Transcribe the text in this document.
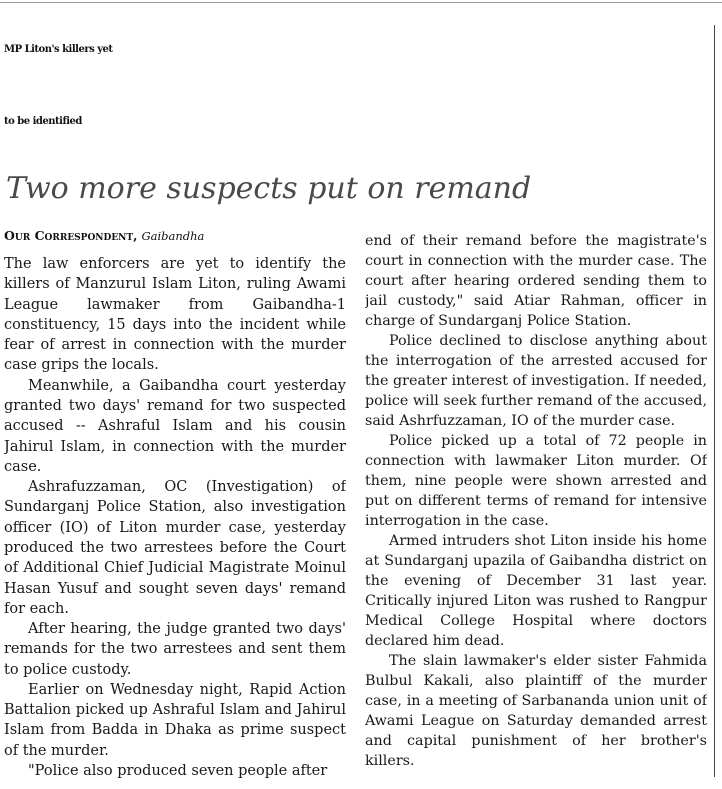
MP Liton's killers yet
to be identified
Two more suspects put on remand

Our Correspondent, Gaibandha

The law enforcers are yet to identify the killers of Manzurul Islam Liton, ruling Awami League lawmaker from Gaibandha-1 constituency, 15 days into the incident while fear of arrest in connection with the murder case grips the locals.

Meanwhile, a Gaibandha court yesterday granted two days' remand for two suspected accused -- Ashraful Islam and his cousin Jahirul Islam, in connection with the murder case.

Ashrafuzzaman, OC (Investigation) of Sundarganj Police Station, also investigation officer (IO) of Liton murder case, yesterday produced the two arrestees before the Court of Additional Chief Judicial Magistrate Moinul Hasan Yusuf and sought seven days' remand for each.

After hearing, the judge granted two days' remands for the two arrestees and sent them to police custody.

Earlier on Wednesday night, Rapid Action Battalion picked up Ashraful Islam and Jahirul Islam from Badda in Dhaka as prime suspect of the murder.

"Police also produced seven people after

end of their remand before the magistrate's court in connection with the murder case. The court after hearing ordered sending them to jail custody," said Atiar Rahman, officer in charge of Sundarganj Police Station.

Police declined to disclose anything about the interrogation of the arrested accused for the greater interest of investigation. If needed, police will seek further remand of the accused, said Ashrfuzzaman, IO of the murder case.

Police picked up a total of 72 people in connection with lawmaker Liton murder. Of them, nine people were shown arrested and put on different terms of remand for intensive interrogation in the case.

Armed intruders shot Liton inside his home at Sundarganj upazila of Gaibandha district on the evening of December 31 last year. Critically injured Liton was rushed to Rangpur Medical College Hospital where doctors declared him dead.

The slain lawmaker's elder sister Fahmida Bulbul Kakali, also plaintiff of the murder case, in a meeting of Sarbananda union unit of Awami League on Saturday demanded arrest and capital punishment of her brother's killers.
